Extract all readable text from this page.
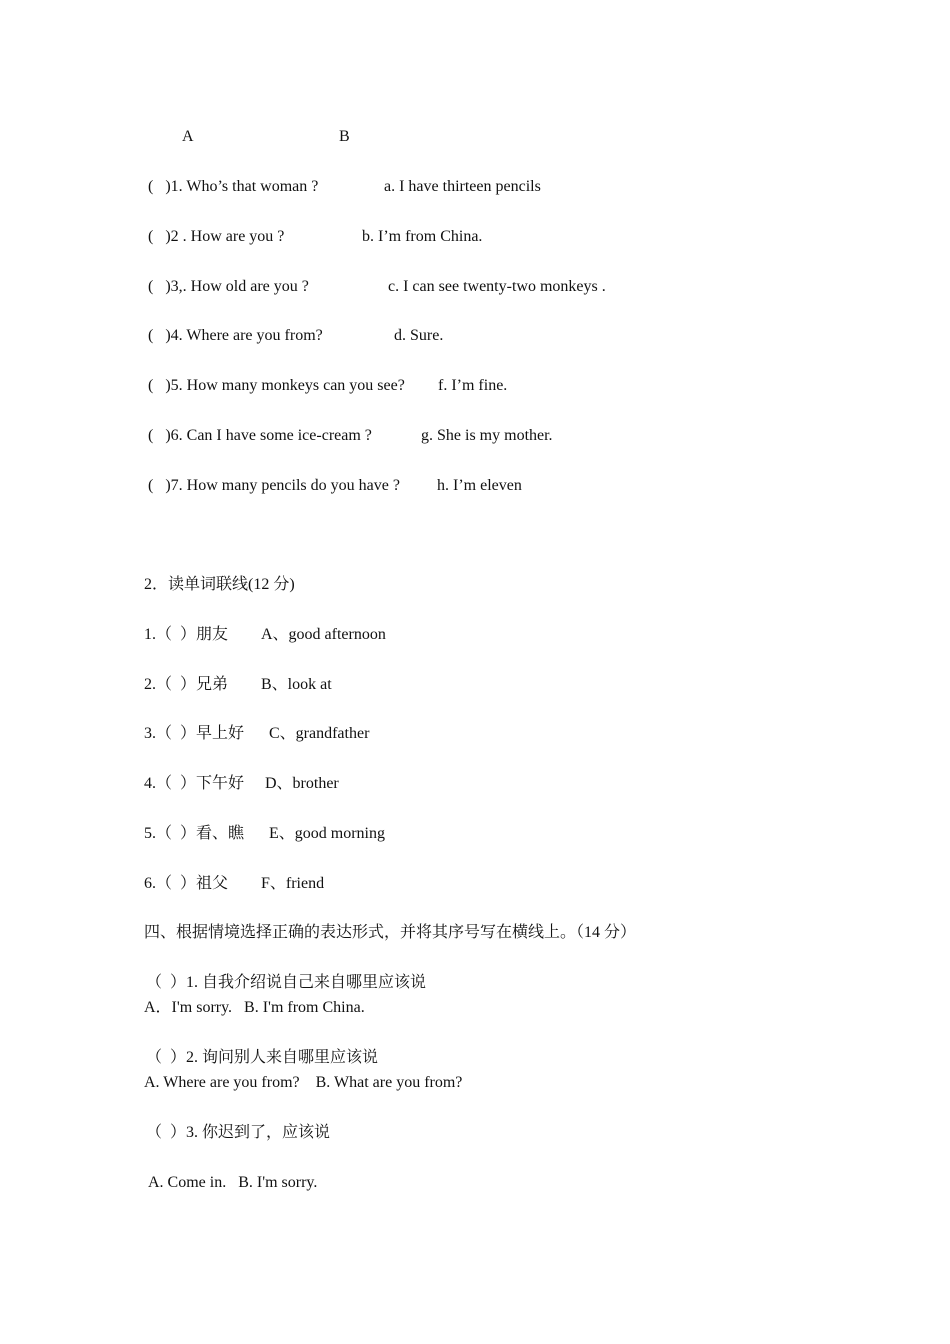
A	B
(   )1. Who’s that woman ?	a. I have thirteen pencils
(   )2 . How are you ?	b. I’m from China.
(   )3,. How old are you ?	c. I can see twenty-two monkeys .
(   )4. Where are you from?	d. Sure.
(   )5. How many monkeys can you see? f. I’m fine.
(   )6. Can I have some ice-cream ?	g. She is my mother.
(   )7. How many pencils do you have ? h. I’m eleven
2．读单词联线(12 分)
1.（  ）朋友 A、good afternoon
2.（  ）兄弟 B、look at
3.（  ）早上好 C、grandfather
4.（  ）下午好 D、brother
5.（  ）看、瞧 E、good morning
6.（  ）祖父 F、friend
四、根据情境选择正确的表达形式，并将其序号写在横线上。（14 分）
（  ）1. 自我介绍说自己来自哪里应该说
A．I'm sorry.   B. I'm from China.
（  ）2. 询问别人来自哪里应该说
A. Where are you from?    B. What are you from?
（  ）3. 你迟到了，应该说
A. Come in.   B. I'm sorry.
